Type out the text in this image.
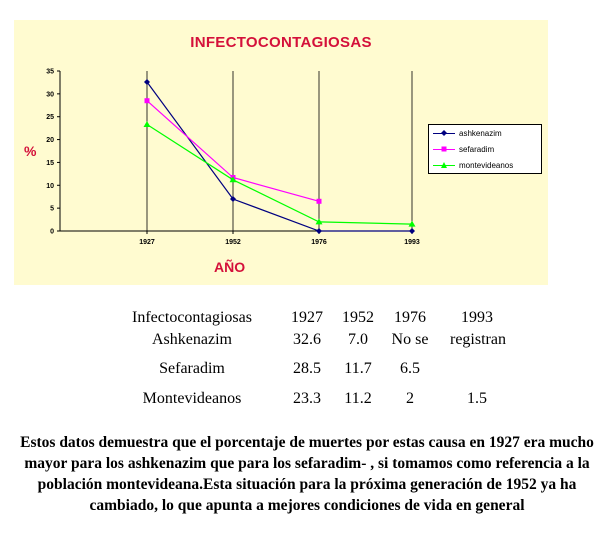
INFECTOCONTAGIOSAS
%
AÑO
0
5
10
15
20
25
30
35
1927	1952	1976	1993
ashkenazim
sefaradim
montevideanos
Infectocontagiosas	1927	1952	1976	1993
Ashkenazim	32.6	7.0	No se	registran
Sefaradim	28.5	11.7	6.5
Montevideanos	23.3	11.2	2	1.5
Estos datos demuestra que el porcentaje de muertes por estas causa en 1927 era mucho mayor para los ashkenazim que para los sefaradim- , si tomamos como referencia a la población montevideana.Esta situación para la próxima generación de 1952 ya ha cambiado, lo que apunta a mejores condiciones de vida en general
